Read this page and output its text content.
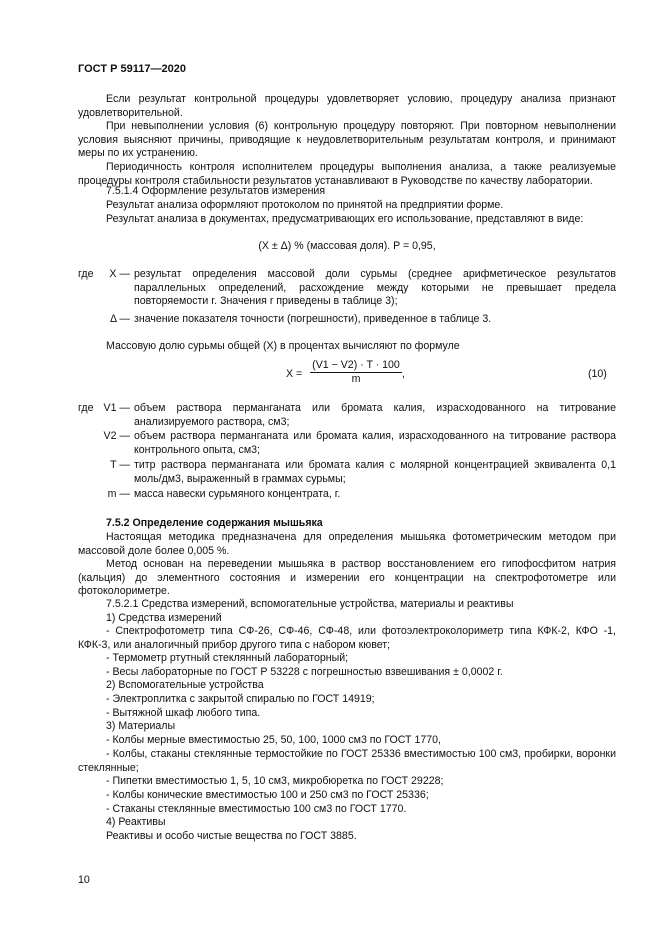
ГОСТ Р 59117—2020

Если результат контрольной процедуры удовлетворяет условию, процедуру анализа признают удовлетворительной.

При невыполнении условия (6) контрольную процедуру повторяют. При повторном невыполнении условия выясняют причины, приводящие к неудовлетворительным результатам контроля, и принимают меры по их устранению.

Периодичность контроля исполнителем процедуры выполнения анализа, а также реализуемые процедуры контроля стабильности результатов устанавливают в Руководстве по качеству лаборатории.

7.5.1.4 Оформление результатов измерения

Результат анализа оформляют протоколом по принятой на предприятии форме.

Результат анализа в документах, предусматривающих его использование, представляют в виде:

(X ± Δ) % (массовая доля). P = 0,95,
где	X — результат определения массовой доли сурьмы (среднее арифметическое результатов параллельных определений, расхождение между которыми не превышает предела повторяемости r. Значения r приведены в таблице 3);
Δ — значение показателя точности (погрешности), приведенное в таблице 3.

Массовую долю сурьмы общей (X) в процентах вычисляют по формуле

$X = \frac{(V1 - V2) \cdot T \cdot 100}{m}$ ,	(10)
где V1 — объем раствора перманганата или бромата калия, израсходованного на титрование анализируемого раствора, см3;
V2 — объем раствора перманганата или бромата калия, израсходованного на титрование раствора контрольного опыта, см3;
T — титр раствора перманганата или бромата калия с молярной концентрацией эквивалента 0,1 моль/дм3, выраженный в граммах сурьмы;
m — масса навески сурьмяного концентрата, г.

7.5.2 Определение содержания мышьяка

Настоящая методика предназначена для определения мышьяка фотометрическим методом при массовой доле более 0,005 %.

Метод основан на переведении мышьяка в раствор восстановлением его гипофосфитом натрия (кальция) до элементного состояния и измерении его концентрации на спектрофотометре или фотоколориметре.

7.5.2.1 Средства измерений, вспомогательные устройства, материалы и реактивы

1) Средства измерений

- Спектрофотометр типа СФ-26, СФ-46, СФ-48, или фотоэлектроколориметр типа КФК-2, КФО -1, КФК-3, или аналогичный прибор другого типа с набором кювет;

- Термометр ртутный стеклянный лабораторный;

- Весы лабораторные по ГОСТ Р 53228 с погрешностью взвешивания ± 0,0002 г.

2) Вспомогательные устройства

- Электроплитка с закрытой спиралью по ГОСТ 14919;

- Вытяжной шкаф любого типа.

3) Материалы

- Колбы мерные вместимостью 25, 50, 100, 1000 см3 по ГОСТ 1770,

- Колбы, стаканы стеклянные термостойкие по ГОСТ 25336 вместимостью 100 см3, пробирки, воронки стеклянные;

- Пипетки вместимостью 1, 5, 10 см3, микробюретка по ГОСТ 29228;

- Колбы конические вместимостью 100 и 250 см3 по ГОСТ 25336;

- Стаканы стеклянные вместимостью 100 см3 по ГОСТ 1770.

4) Реактивы

Реактивы и особо чистые вещества по ГОСТ 3885.

10
